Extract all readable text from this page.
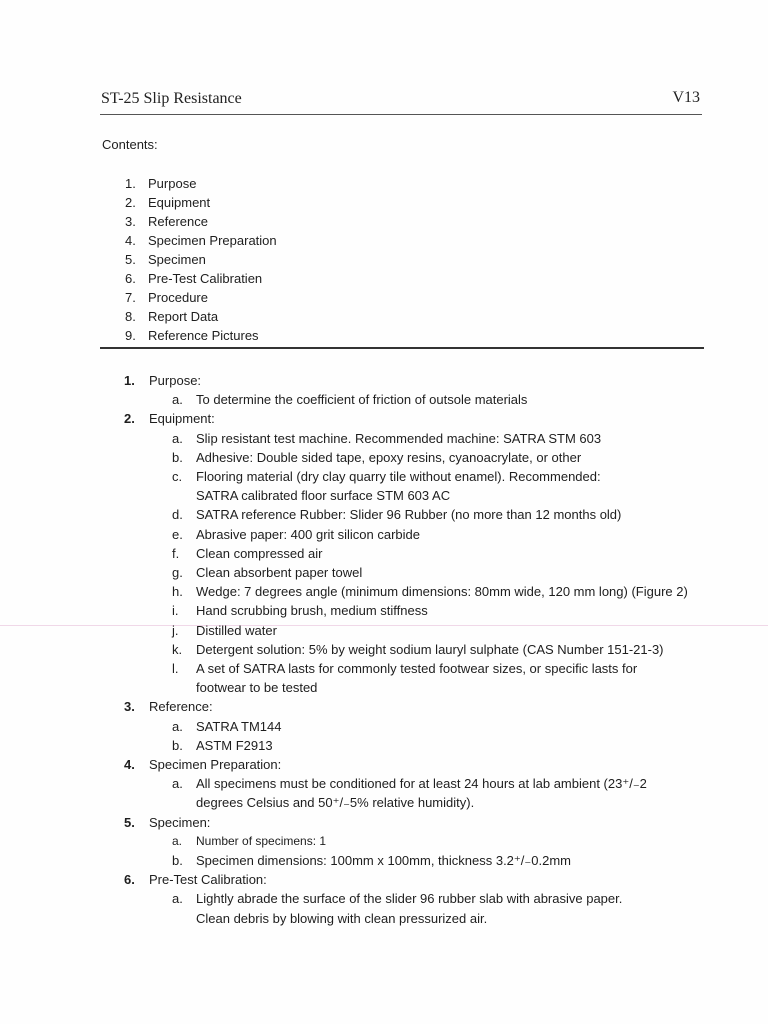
ST-25 Slip Resistance	V13
Contents:
1. Purpose
2. Equipment
3. Reference
4. Specimen Preparation
5. Specimen
6. Pre-Test Calibratien
7. Procedure
8. Report Data
9. Reference Pictures
1. Purpose:
a. To determine the coefficient of friction of outsole materials
2. Equipment:
a. Slip resistant test machine. Recommended machine: SATRA STM 603
b. Adhesive: Double sided tape, epoxy resins, cyanoacrylate, or other
c. Flooring material (dry clay quarry tile without enamel). Recommended:
SATRA calibrated floor surface STM 603 AC
d. SATRA reference Rubber: Slider 96 Rubber (no more than 12 months old)
e. Abrasive paper: 400 grit silicon carbide
f. Clean compressed air
g. Clean absorbent paper towel
h. Wedge: 7 degrees angle (minimum dimensions: 80mm wide, 120 mm long) (Figure 2)
i. Hand scrubbing brush, medium stiffness
j. Distilled water
k. Detergent solution: 5% by weight sodium lauryl sulphate (CAS Number 151-21-3)
l. A set of SATRA lasts for commonly tested footwear sizes, or specific lasts for
footwear to be tested
3. Reference:
a. SATRA TM144
b. ASTM F2913
4. Specimen Preparation:
a. All specimens must be conditioned for at least 24 hours at lab ambient (23⁺/₋2
degrees Celsius and 50⁺/₋5% relative humidity).
5. Specimen:
a. Number of specimens: 1
b. Specimen dimensions: 100mm x 100mm, thickness 3.2⁺/₋0.2mm
6. Pre-Test Calibration:
a. Lightly abrade the surface of the slider 96 rubber slab with abrasive paper.
Clean debris by blowing with clean pressurized air.
